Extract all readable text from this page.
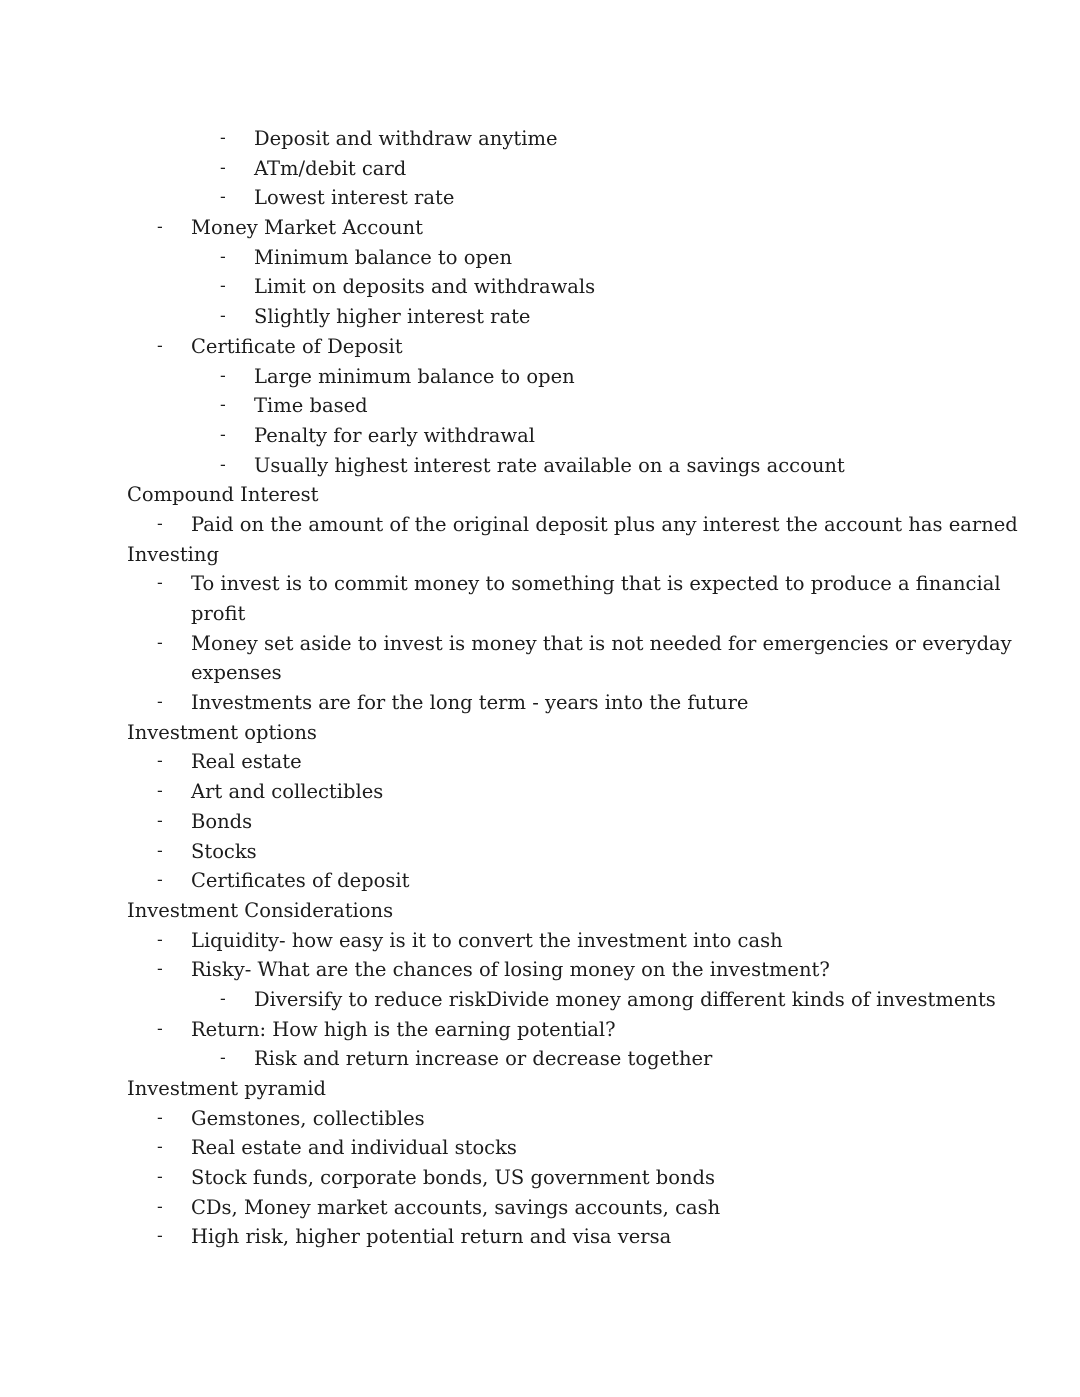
- Deposit and withdraw anytime
- ATm/debit card
- Lowest interest rate
- Money Market Account
- Minimum balance to open
- Limit on deposits and withdrawals
- Slightly higher interest rate
- Certificate of Deposit
- Large minimum balance to open
- Time based
- Penalty for early withdrawal
- Usually highest interest rate available on a savings account
Compound Interest
- Paid on the amount of the original deposit plus any interest the account has earned
Investing
- To invest is to commit money to something that is expected to produce a financial
profit
- Money set aside to invest is money that is not needed for emergencies or everyday
expenses
- Investments are for the long term - years into the future
Investment options
- Real estate
- Art and collectibles
- Bonds
- Stocks
- Certificates of deposit
Investment Considerations
- Liquidity- how easy is it to convert the investment into cash
- Risky- What are the chances of losing money on the investment?
- Diversify to reduce riskDivide money among different kinds of investments
- Return: How high is the earning potential?
- Risk and return increase or decrease together
Investment pyramid
- Gemstones, collectibles
- Real estate and individual stocks
- Stock funds, corporate bonds, US government bonds
- CDs, Money market accounts, savings accounts, cash
- High risk, higher potential return and visa versa
